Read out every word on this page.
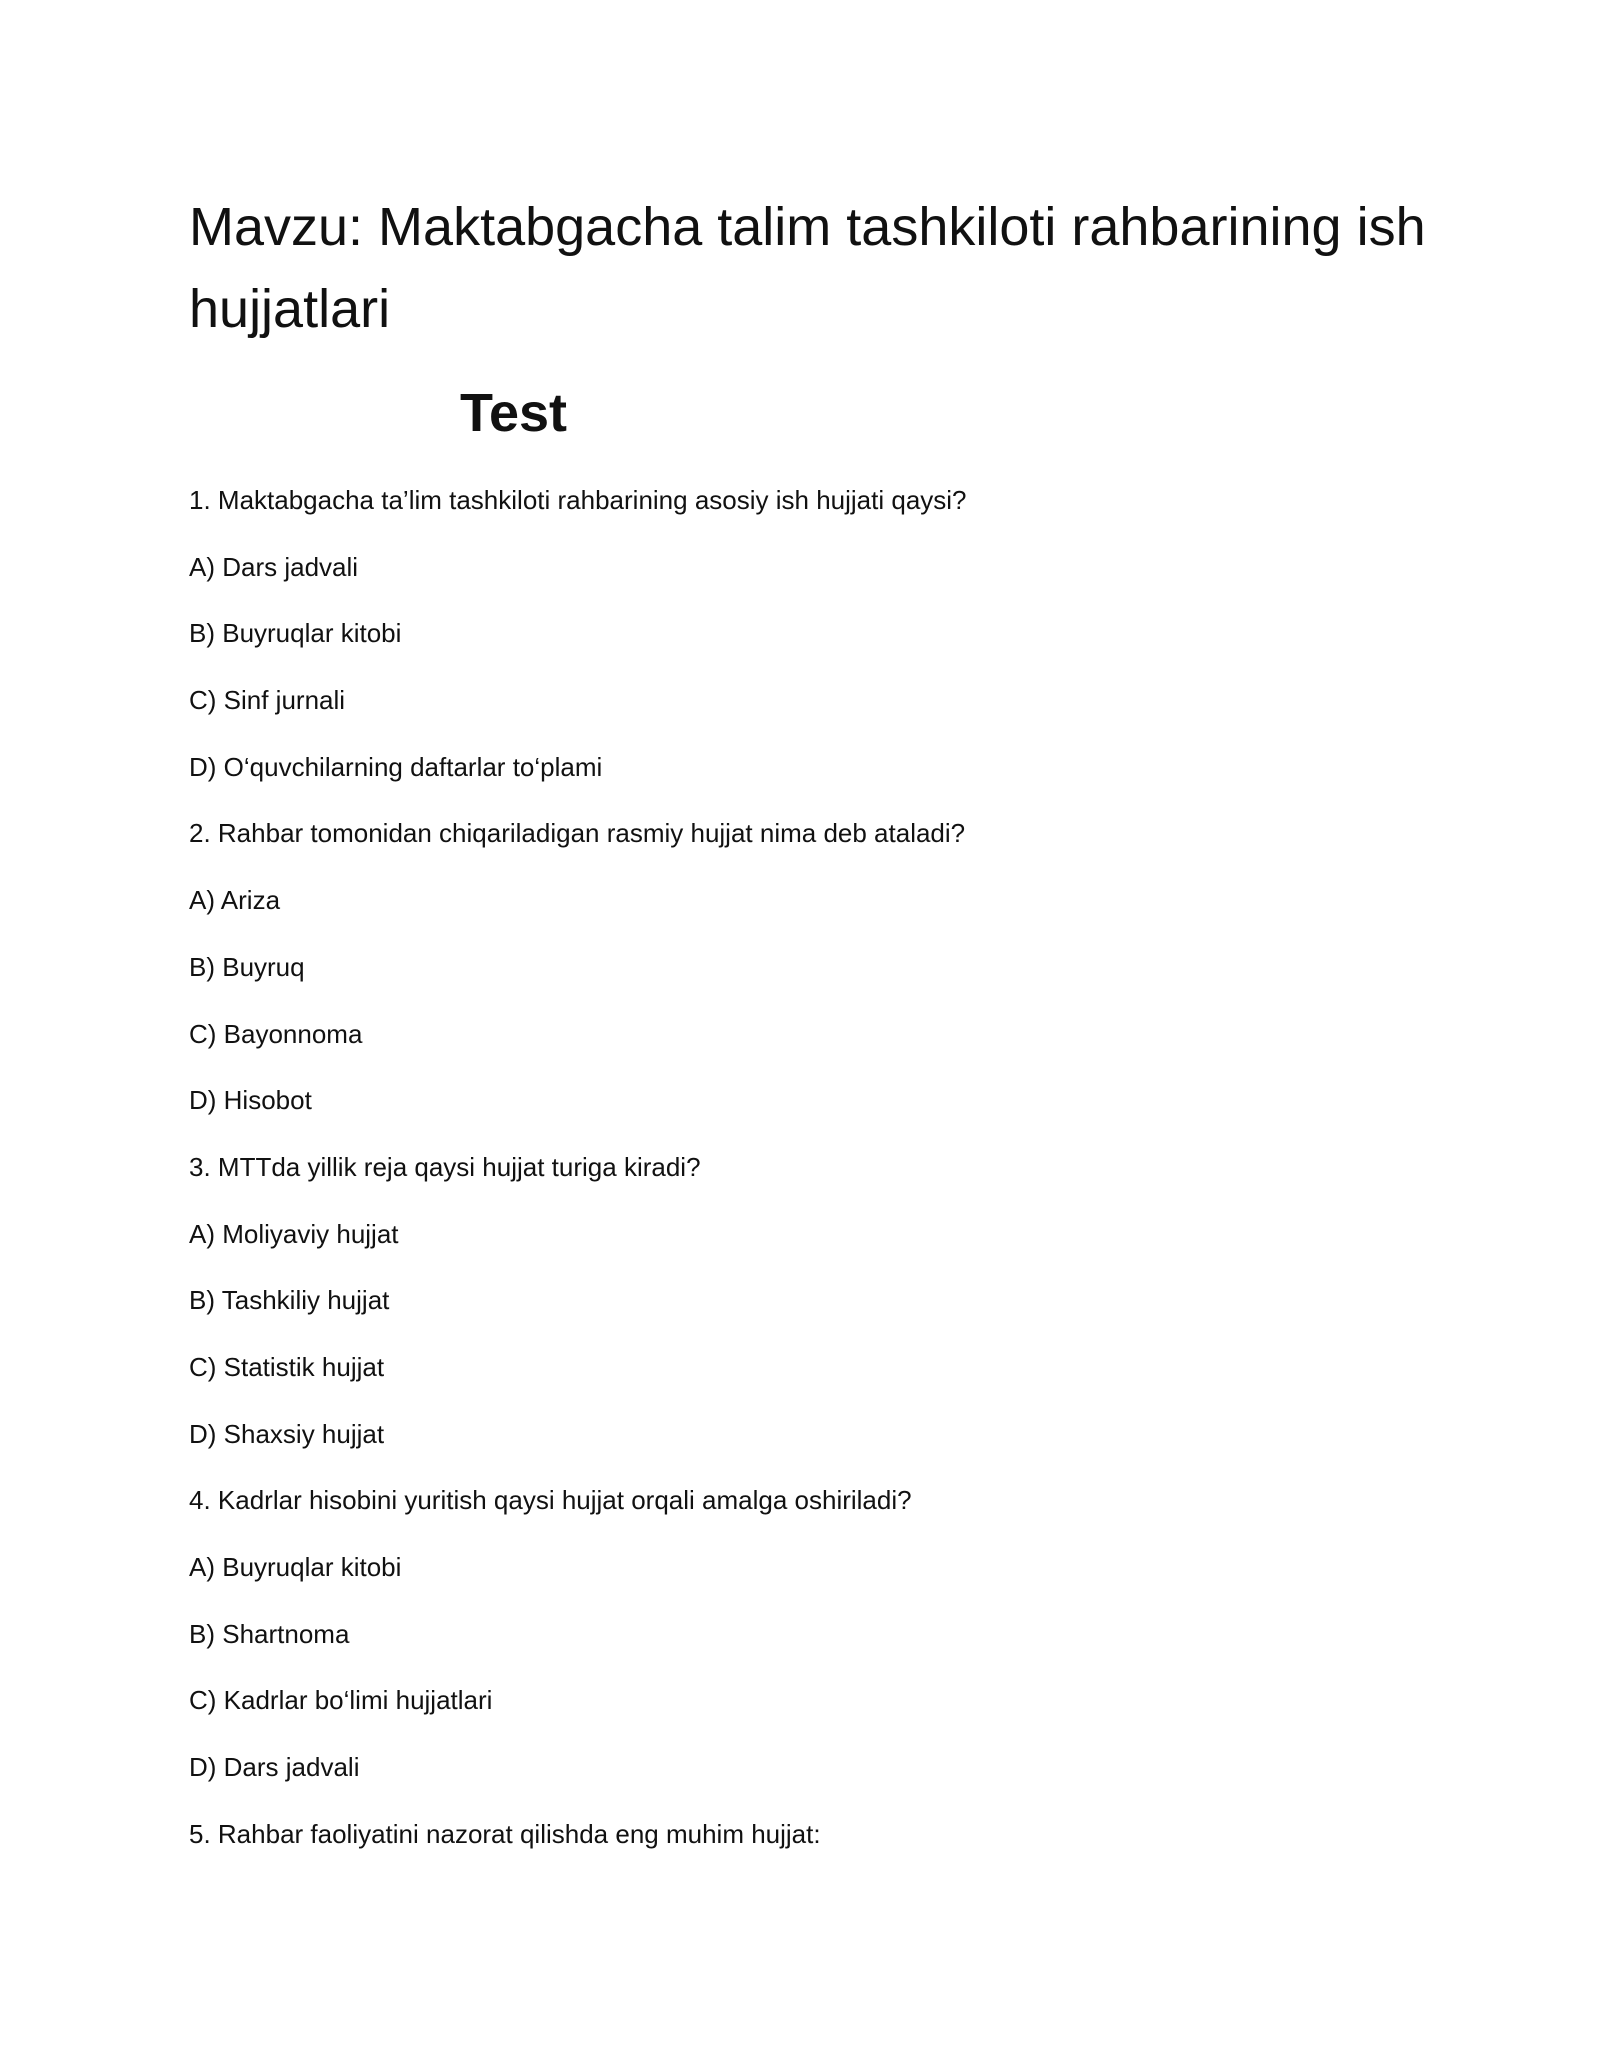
Mavzu: Maktabgacha talim tashkiloti rahbarining ish hujjatlari
Test
1. Maktabgacha ta’lim tashkiloti rahbarining asosiy ish hujjati qaysi?
A) Dars jadvali
B) Buyruqlar kitobi
C) Sinf jurnali
D) O‘quvchilarning daftarlar to‘plami
2. Rahbar tomonidan chiqariladigan rasmiy hujjat nima deb ataladi?
A) Ariza
B) Buyruq
C) Bayonnoma
D) Hisobot
3. MTTda yillik reja qaysi hujjat turiga kiradi?
A) Moliyaviy hujjat
B) Tashkiliy hujjat
C) Statistik hujjat
D) Shaxsiy hujjat
4. Kadrlar hisobini yuritish qaysi hujjat orqali amalga oshiriladi?
A) Buyruqlar kitobi
B) Shartnoma
C) Kadrlar bo‘limi hujjatlari
D) Dars jadvali
5. Rahbar faoliyatini nazorat qilishda eng muhim hujjat:
